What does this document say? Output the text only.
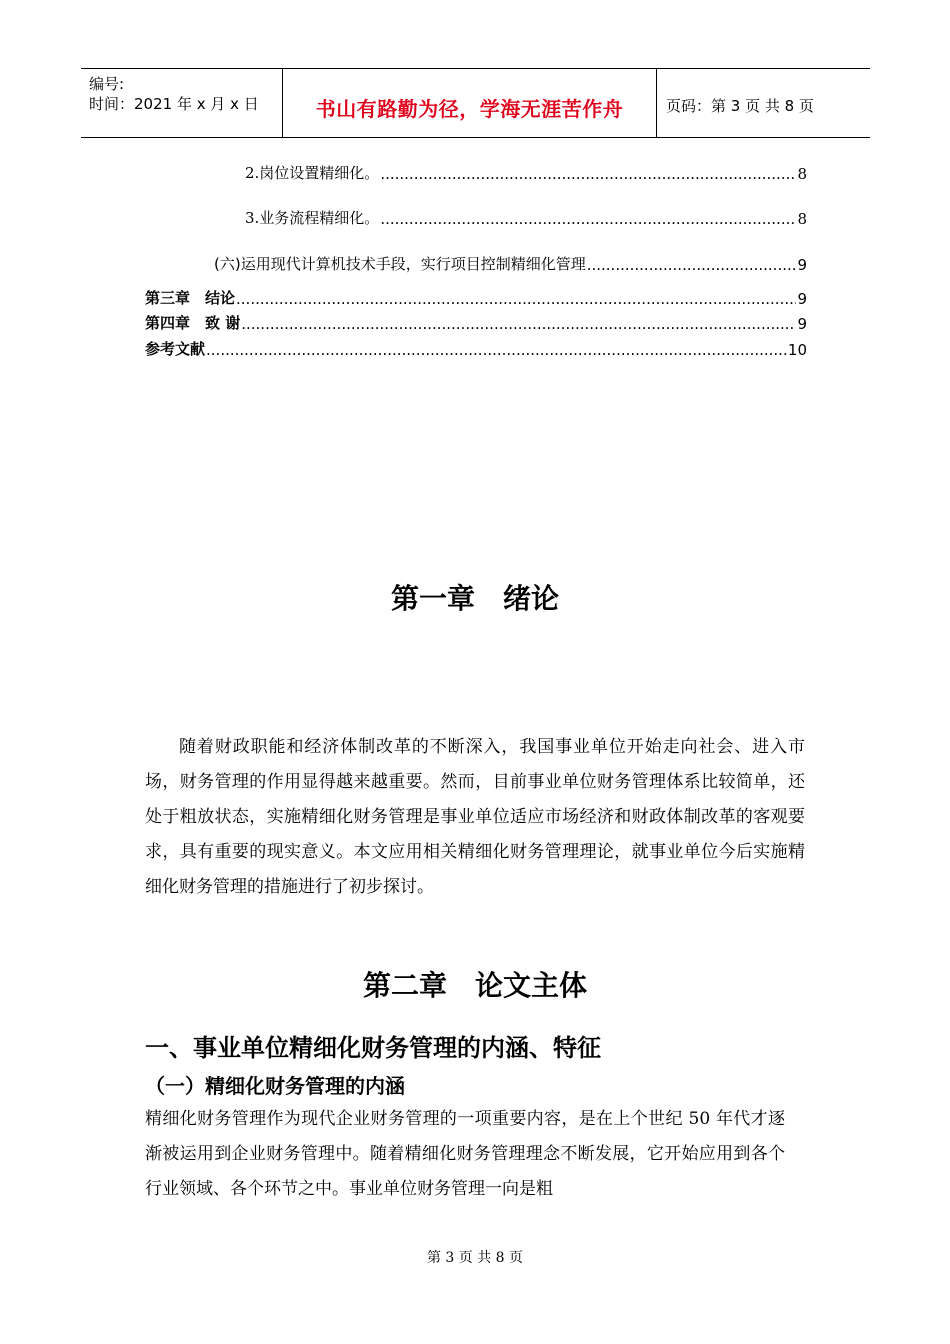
编号:
时间：2021 年 x 月 x 日	书山有路勤为径，学海无涯苦作舟	页码：第 3 页 共 8 页
2.岗位设置精细化。 .....	8
3.业务流程精细化。 .....	8
(六)运用现代计算机技术手段，实行项目控制精细化管理 .....	9
第三章　结论 .....	9
第四章　致 谢 .....	9
参考文献 .....	10
第一章　绪论
随着财政职能和经济体制改革的不断深入，我国事业单位开始走向社会、进入市场，财务管理的作用显得越来越重要。然而，目前事业单位财务管理体系比较简单，还处于粗放状态，实施精细化财务管理是事业单位适应市场经济和财政体制改革的客观要求，具有重要的现实意义。本文应用相关精细化财务管理理论，就事业单位今后实施精细化财务管理的措施进行了初步探讨。
第二章　论文主体
一、事业单位精细化财务管理的内涵、特征
（一）精细化财务管理的内涵
精细化财务管理作为现代企业财务管理的一项重要内容，是在上个世纪 50 年代才逐渐被运用到企业财务管理中。随着精细化财务管理理念不断发展，它开始应用到各个行业领域、各个环节之中。事业单位财务管理一向是粗
第 3 页 共 8 页
